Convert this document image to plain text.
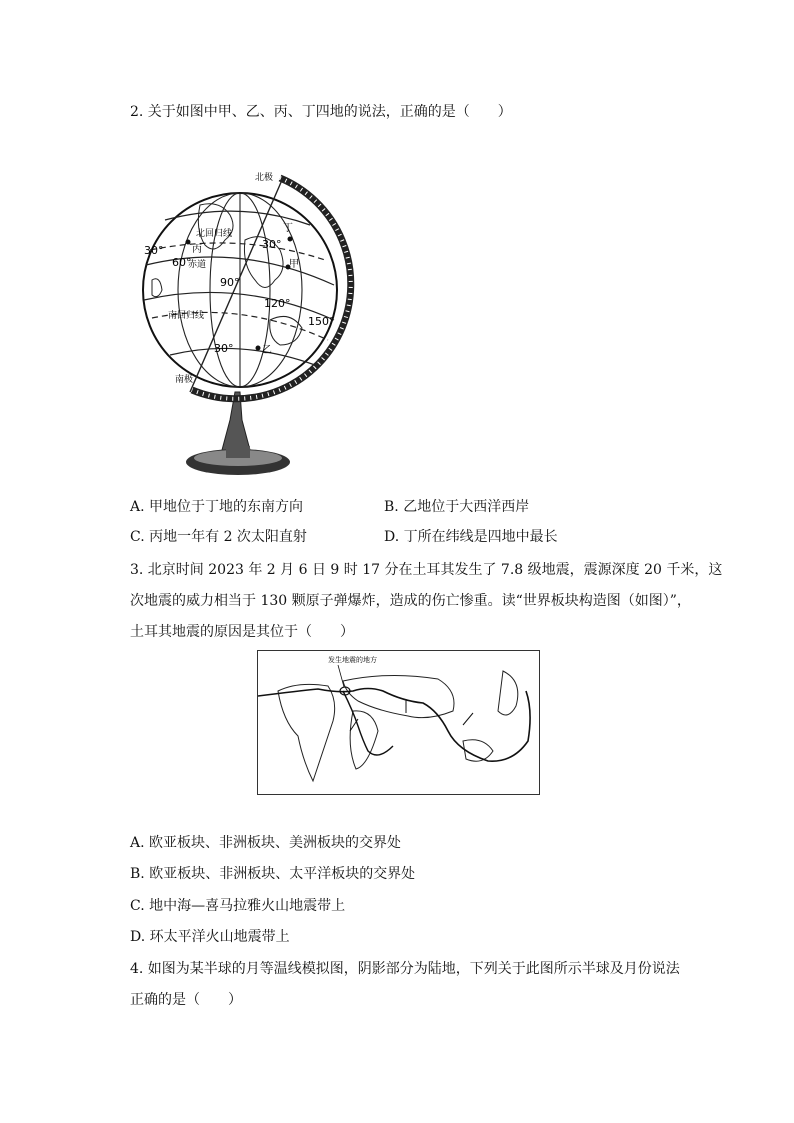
2. 关于如图中甲、乙、丙、丁四地的说法，正确的是（　　）
北极
南极
北回归线
南回归线
赤道
30°
60°
90°
30°
120°
150°
30°
甲
乙
丙
丁
A. 甲地位于丁地的东南方向	B. 乙地位于大西洋西岸
C. 丙地一年有 2 次太阳直射	D. 丁所在纬线是四地中最长
3. 北京时间 2023 年 2 月 6 日 9 时 17 分在土耳其发生了 7.8 级地震，震源深度 20 千米，这
次地震的威力相当于 130 颗原子弹爆炸，造成的伤亡惨重。读“世界板块构造图（如图）”，
土耳其地震的原因是其位于（　　）
发生地震的地方
A. 欧亚板块、非洲板块、美洲板块的交界处
B. 欧亚板块、非洲板块、太平洋板块的交界处
C. 地中海—喜马拉雅火山地震带上
D. 环太平洋火山地震带上
4. 如图为某半球的月等温线模拟图，阴影部分为陆地，下列关于此图所示半球及月份说法
正确的是（　　）
